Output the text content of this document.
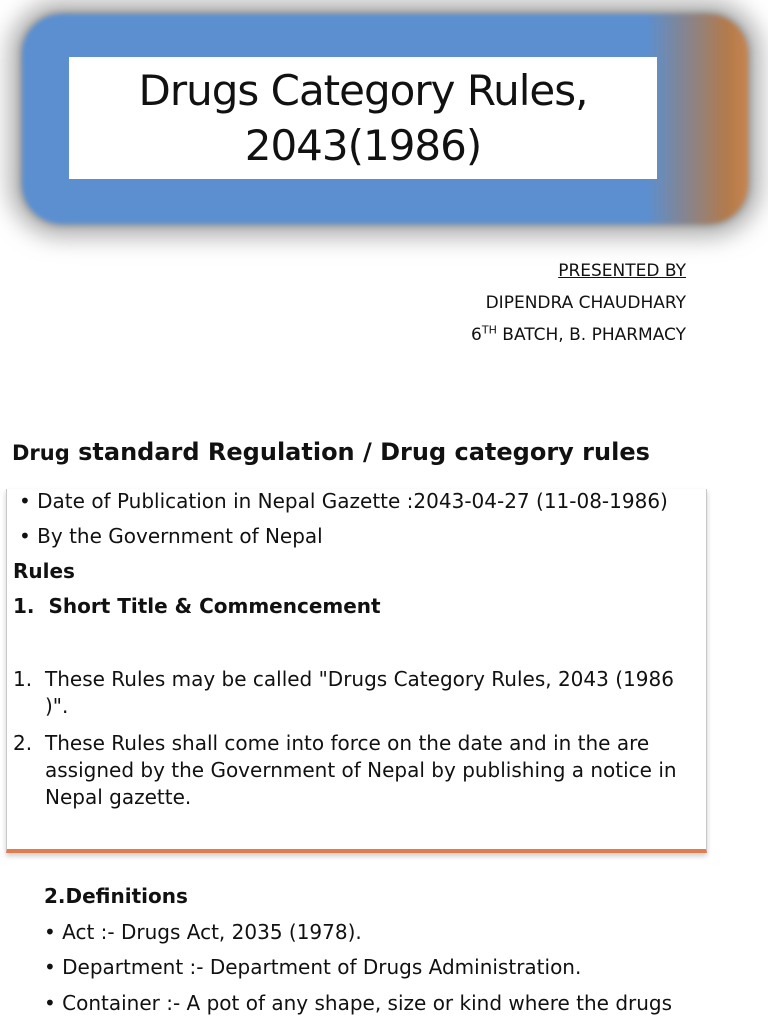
Drugs Category Rules,
2043(1986)
PRESENTED BY
DIPENDRA CHAUDHARY
6TH BATCH, B. PHARMACY
Drug standard Regulation / Drug category rules
• Date of Publication in Nepal Gazette :2043-04-27 (11-08-1986)
• By the Government of Nepal
Rules
1. Short Title & Commencement
1. These Rules may be called "Drugs Category Rules, 2043 (1986 )".
2. These Rules shall come into force on the date and in the are assigned by the Government of Nepal by publishing a notice in Nepal gazette.
2.Definitions
• Act :- Drugs Act, 2035 (1978).
• Department :- Department of Drugs Administration.
• Container :- A pot of any shape, size or kind where the drugs
